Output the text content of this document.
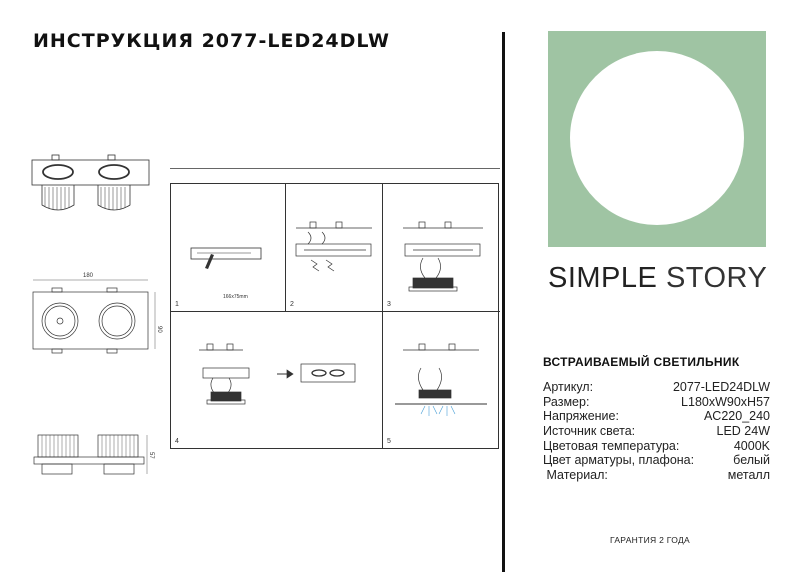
ИНСТРУКЦИЯ 2077-LED24DLW
180
90
57
166x75mm
1	2	3
4	5
SIMPLE STORY
ВСТРАИВАЕМЫЙ СВЕТИЛЬНИК
Артикул:	2077-LED24DLW
Размер:	L180xW90xH57
Напряжение:	AC220_240
Источник света:	LED 24W
Цветовая температура:	4000K
Цвет арматуры, плафона:	белый
Материал:	металл
ГАРАНТИЯ 2 ГОДА
